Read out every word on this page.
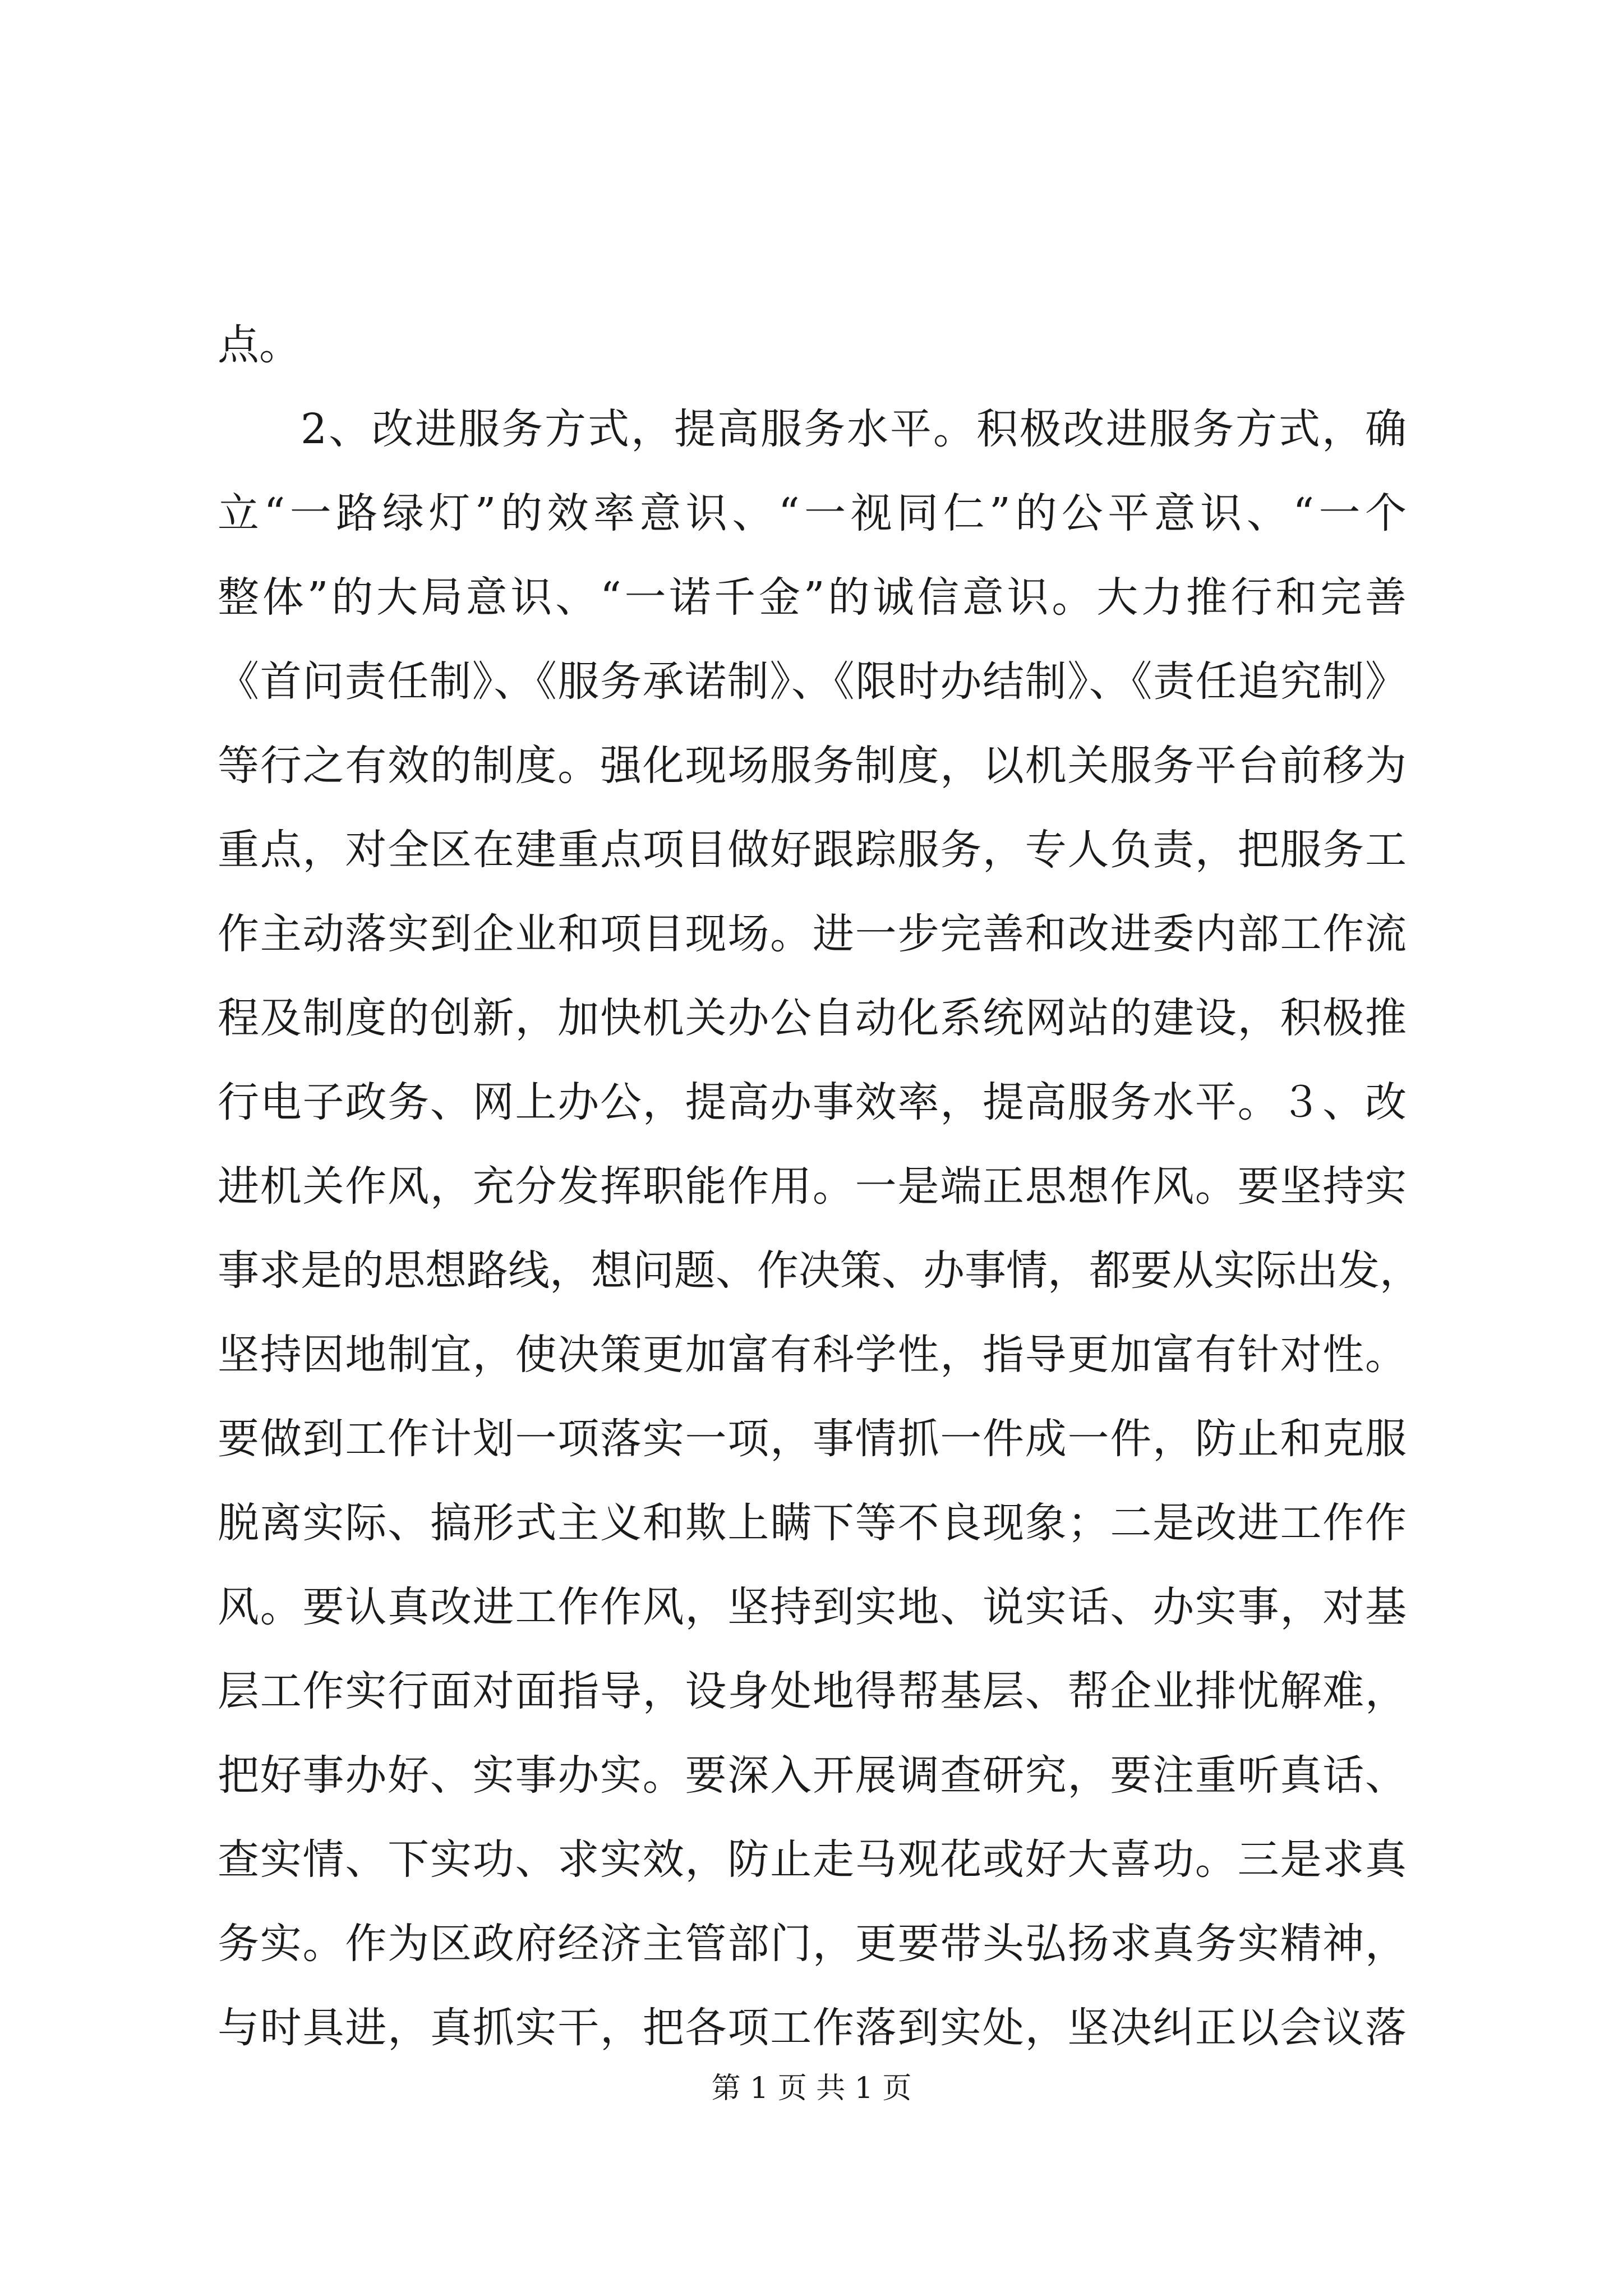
点。
2、改进服务方式，提高服务水平。积极改进服务方式，确
立“一路绿灯”的效率意识、“一视同仁”的公平意识、“一个
整体”的大局意识、“一诺千金”的诚信意识。大力推行和完善
《首问责任制》、《服务承诺制》、《限时办结制》、《责任追究制》
等行之有效的制度。强化现场服务制度，以机关服务平台前移为
重点，对全区在建重点项目做好跟踪服务，专人负责，把服务工
作主动落实到企业和项目现场。进一步完善和改进委内部工作流
程及制度的创新，加快机关办公自动化系统网站的建设，积极推
行电子政务、网上办公，提高办事效率，提高服务水平。３、改
进机关作风，充分发挥职能作用。一是端正思想作风。要坚持实
事求是的思想路线，想问题、作决策、办事情，都要从实际出发，
坚持因地制宜，使决策更加富有科学性，指导更加富有针对性。
要做到工作计划一项落实一项，事情抓一件成一件，防止和克服
脱离实际、搞形式主义和欺上瞒下等不良现象；二是改进工作作
风。要认真改进工作作风，坚持到实地、说实话、办实事，对基
层工作实行面对面指导，设身处地得帮基层、帮企业排忧解难，
把好事办好、实事办实。要深入开展调查研究，要注重听真话、
查实情、下实功、求实效，防止走马观花或好大喜功。三是求真
务实。作为区政府经济主管部门，更要带头弘扬求真务实精神，
与时具进，真抓实干，把各项工作落到实处，坚决纠正以会议落
第 1 页 共 1 页
